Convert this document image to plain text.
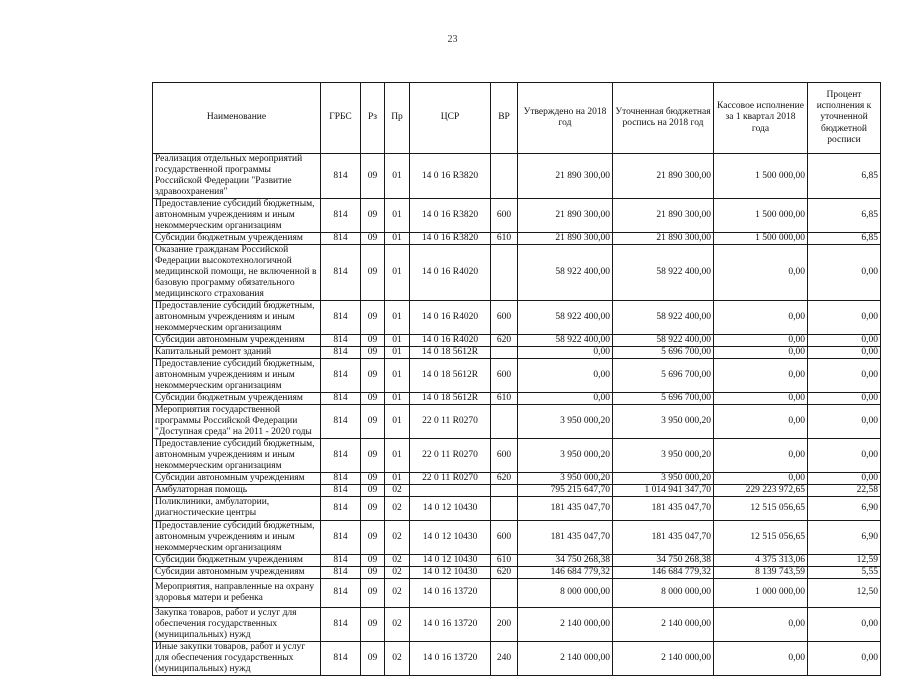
23
Наименование	ГРБС	Рз	Пр	ЦСР	ВР	Утверждено на 2018 год	Уточненная бюджетная роспись на 2018 год	Кассовое исполнение за 1 квартал 2018 года	Процент исполнения к уточненной бюджетной росписи
Реализация отдельных мероприятий государственной программы Российской Федерации "Развитие здравоохранения"	814	09	01	14 0 16 R3820		21 890 300,00	21 890 300,00	1 500 000,00	6,85
Предоставление субсидий бюджетным, автономным учреждениям и иным некоммерческим организациям	814	09	01	14 0 16 R3820	600	21 890 300,00	21 890 300,00	1 500 000,00	6,85
Субсидии бюджетным учреждениям	814	09	01	14 0 16 R3820	610	21 890 300,00	21 890 300,00	1 500 000,00	6,85
Оказание гражданам Российской Федерации высокотехнологичной медицинской помощи, не включенной в базовую программу обязательного медицинского страхования	814	09	01	14 0 16 R4020		58 922 400,00	58 922 400,00	0,00	0,00
Предоставление субсидий бюджетным, автономным учреждениям и иным некоммерческим организациям	814	09	01	14 0 16 R4020	600	58 922 400,00	58 922 400,00	0,00	0,00
Субсидии автономным учреждениям	814	09	01	14 0 16 R4020	620	58 922 400,00	58 922 400,00	0,00	0,00
Капитальный ремонт зданий	814	09	01	14 0 18 5612R		0,00	5 696 700,00	0,00	0,00
Предоставление субсидий бюджетным, автономным учреждениям и иным некоммерческим организациям	814	09	01	14 0 18 5612R	600	0,00	5 696 700,00	0,00	0,00
Субсидии бюджетным учреждениям	814	09	01	14 0 18 5612R	610	0,00	5 696 700,00	0,00	0,00
Мероприятия государственной программы Российской Федерации "Доступная среда" на 2011 - 2020 годы	814	09	01	22 0 11 R0270		3 950 000,20	3 950 000,20	0,00	0,00
Предоставление субсидий бюджетным, автономным учреждениям и иным некоммерческим организациям	814	09	01	22 0 11 R0270	600	3 950 000,20	3 950 000,20	0,00	0,00
Субсидии автономным учреждениям	814	09	01	22 0 11 R0270	620	3 950 000,20	3 950 000,20	0,00	0,00
Амбулаторная помощь	814	09	02			795 215 647,70	1 014 941 347,70	229 223 972,65	22,58
Поликлиники, амбулатории, диагностические центры	814	09	02	14 0 12 10430		181 435 047,70	181 435 047,70	12 515 056,65	6,90
Предоставление субсидий бюджетным, автономным учреждениям и иным некоммерческим организациям	814	09	02	14 0 12 10430	600	181 435 047,70	181 435 047,70	12 515 056,65	6,90
Субсидии бюджетным учреждениям	814	09	02	14 0 12 10430	610	34 750 268,38	34 750 268,38	4 375 313,06	12,59
Субсидии автономным учреждениям	814	09	02	14 0 12 10430	620	146 684 779,32	146 684 779,32	8 139 743,59	5,55
Мероприятия, направленные на охрану здоровья матери и ребенка	814	09	02	14 0 16 13720		8 000 000,00	8 000 000,00	1 000 000,00	12,50
Закупка товаров, работ и услуг для обеспечения государственных (муниципальных) нужд	814	09	02	14 0 16 13720	200	2 140 000,00	2 140 000,00	0,00	0,00
Иные закупки товаров, работ и услуг для обеспечения государственных (муниципальных) нужд	814	09	02	14 0 16 13720	240	2 140 000,00	2 140 000,00	0,00	0,00
